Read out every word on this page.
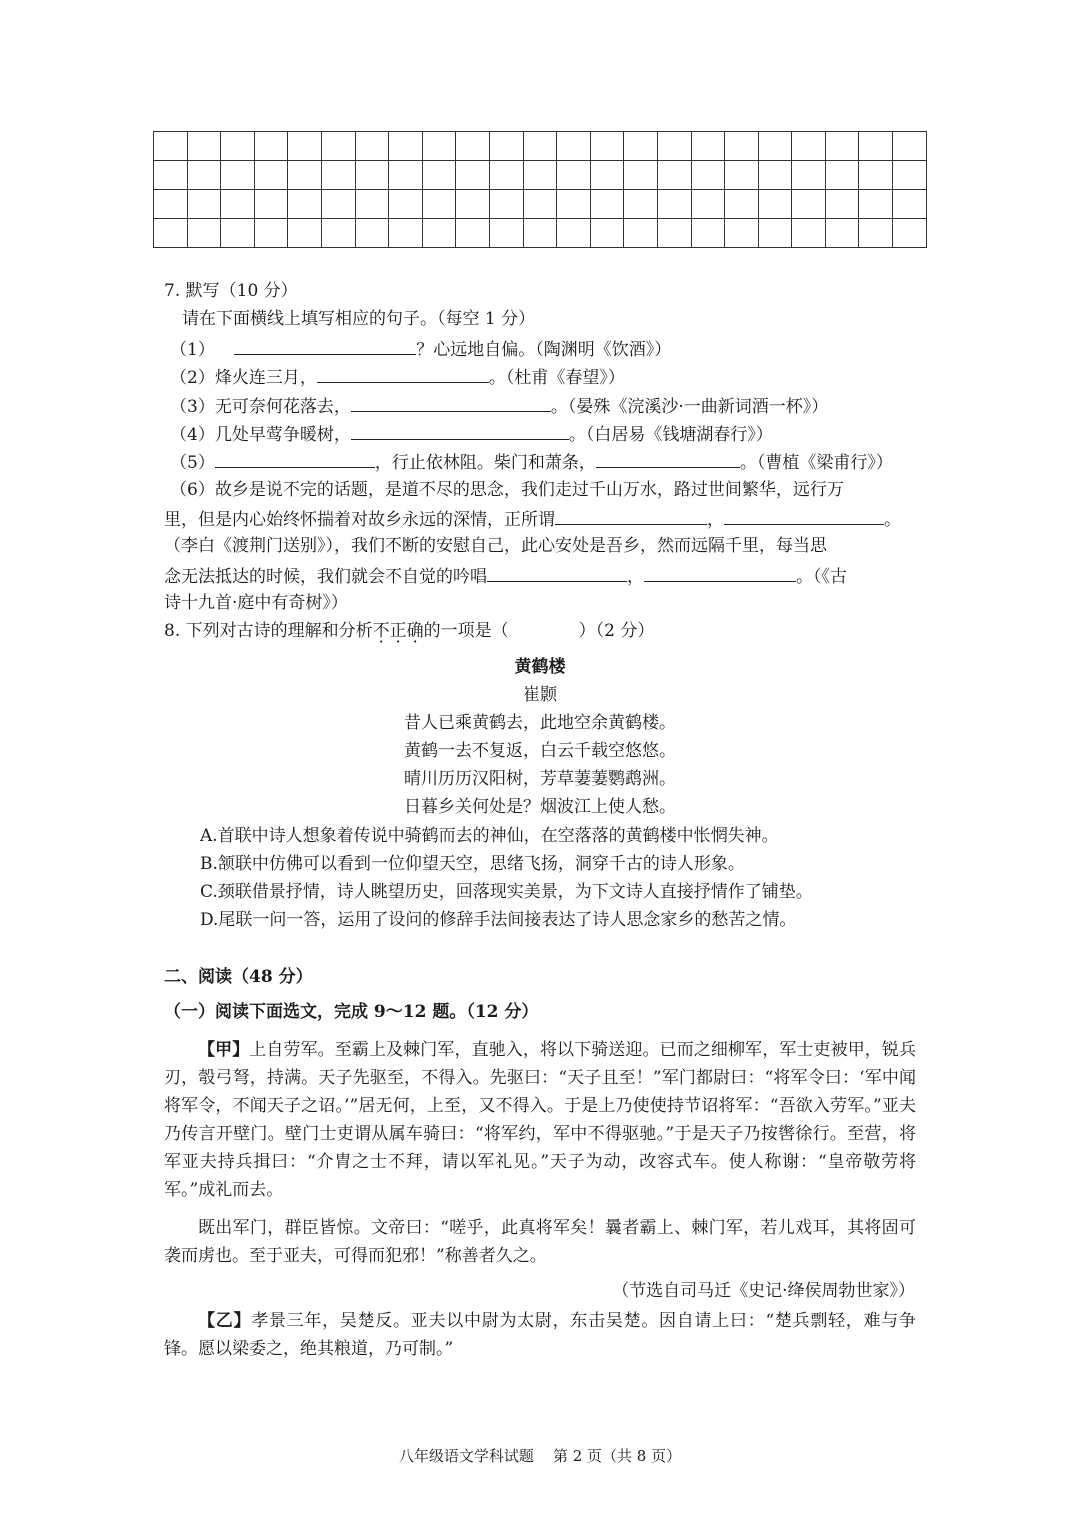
7. 默写（10 分）
请在下面横线上填写相应的句子。（每空 1 分）
（1）	？心远地自偏。（陶渊明《饮酒》）
（2）烽火连三月，	。（杜甫《春望》）
（3）无可奈何花落去，	。（晏殊《浣溪沙·一曲新词酒一杯》）
（4）几处早莺争暖树，	。（白居易《钱塘湖春行》）
（5）	，行止依林阻。柴门和萧条，	。（曹植《梁甫行》）
（6）故乡是说不完的话题，是道不尽的思念，我们走过千山万水，路过世间繁华，远行万
里，但是内心始终怀揣着对故乡永远的深情，正所谓	，	。
（李白《渡荆门送别》），我们不断的安慰自己，此心安处是吾乡，然而远隔千里，每当思
念无法抵达的时候，我们就会不自觉的吟唱	，	。（《古
诗十九首·庭中有奇树》）
8. 下列对古诗的理解和分析不正确的一项是（	）（2 分）
黄鹤楼
崔颢
昔人已乘黄鹤去，此地空余黄鹤楼。
黄鹤一去不复返，白云千载空悠悠。
晴川历历汉阳树，芳草萋萋鹦鹉洲。
日暮乡关何处是？烟波江上使人愁。
A.首联中诗人想象着传说中骑鹤而去的神仙，在空落落的黄鹤楼中怅惘失神。
B.颔联中仿佛可以看到一位仰望天空，思绪飞扬，洞穿千古的诗人形象。
C.颈联借景抒情，诗人眺望历史，回落现实美景，为下文诗人直接抒情作了铺垫。
D.尾联一问一答，运用了设问的修辞手法间接表达了诗人思念家乡的愁苦之情。
二、阅读（48 分）
（一）阅读下面选文，完成 9～12 题。（12 分）
【甲】上自劳军。至霸上及棘门军，直驰入，将以下骑送迎。已而之细柳军，军士吏被甲，锐兵刃，彀弓弩，持满。天子先驱至，不得入。先驱曰：“天子且至！”军门都尉曰：“将军令曰：‘军中闻将军令，不闻天子之诏。’”居无何，上至，又不得入。于是上乃使使持节诏将军：“吾欲入劳军。”亚夫乃传言开壁门。壁门士吏谓从属车骑曰：“将军约，军中不得驱驰。”于是天子乃按辔徐行。至营，将军亚夫持兵揖曰：“介胄之士不拜，请以军礼见。”天子为动，改容式车。使人称谢：“皇帝敬劳将军。”成礼而去。
既出军门，群臣皆惊。文帝曰：“嗟乎，此真将军矣！曩者霸上、棘门军，若儿戏耳，其将固可袭而虏也。至于亚夫，可得而犯邪！”称善者久之。
（节选自司马迁《史记·绛侯周勃世家》）
【乙】孝景三年，吴楚反。亚夫以中尉为太尉，东击吴楚。因自请上曰：“楚兵剽轻，难与争锋。愿以梁委之，绝其粮道，乃可制。”
八年级语文学科试题    第 2 页（共 8 页）
